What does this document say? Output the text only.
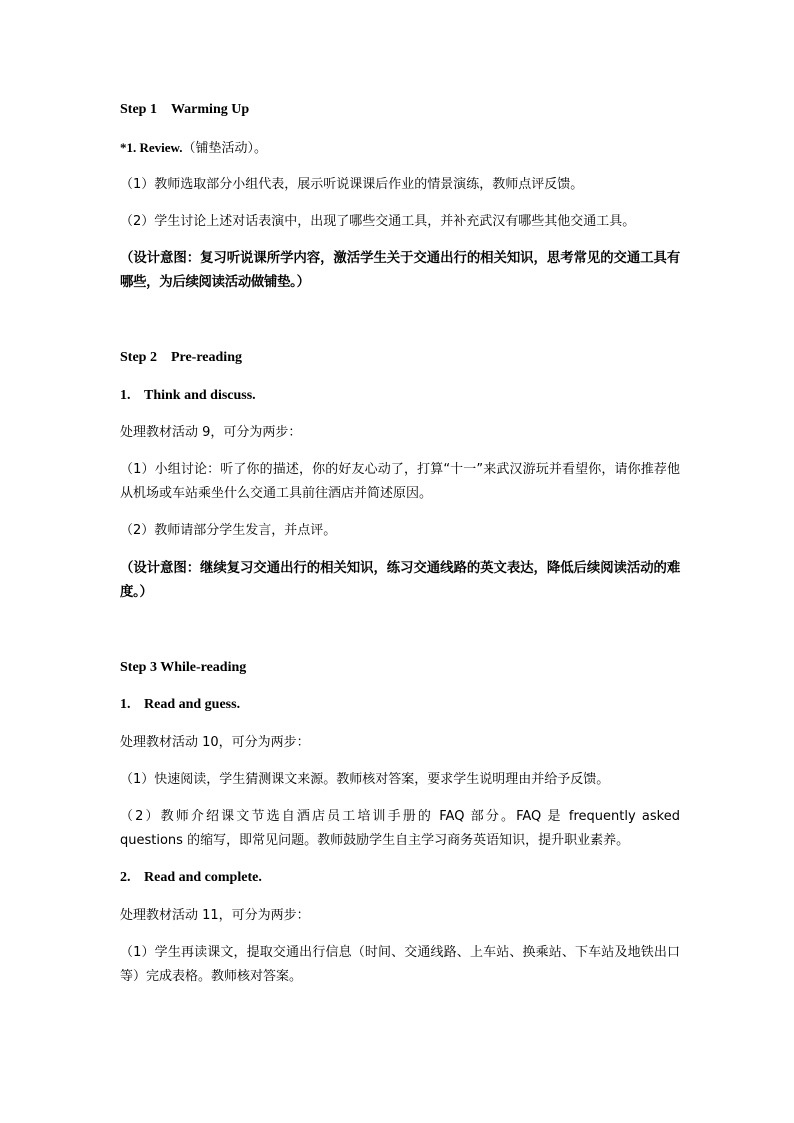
Step 1 Warming Up
*1. Review.（铺垫活动）。
（1）教师选取部分小组代表，展示听说课课后作业的情景演练，教师点评反馈。
（2）学生讨论上述对话表演中，出现了哪些交通工具，并补充武汉有哪些其他交通工具。
（设计意图：复习听说课所学内容，激活学生关于交通出行的相关知识，思考常见的交通工具有哪些，为后续阅读活动做铺垫。）
Step 2 Pre-reading
1. Think and discuss.
处理教材活动 9，可分为两步：
（1）小组讨论：听了你的描述，你的好友心动了，打算“十一”来武汉游玩并看望你，请你推荐他从机场或车站乘坐什么交通工具前往酒店并简述原因。
（2）教师请部分学生发言，并点评。
（设计意图：继续复习交通出行的相关知识，练习交通线路的英文表达，降低后续阅读活动的难度。）
Step 3 While-reading
1. Read and guess.
处理教材活动 10，可分为两步：
（1）快速阅读，学生猜测课文来源。教师核对答案，要求学生说明理由并给予反馈。
（2）教师介绍课文节选自酒店员工培训手册的 FAQ 部分。FAQ 是 frequently asked questions 的缩写，即常见问题。教师鼓励学生自主学习商务英语知识，提升职业素养。
2. Read and complete.
处理教材活动 11，可分为两步：
（1）学生再读课文，提取交通出行信息（时间、交通线路、上车站、换乘站、下车站及地铁出口等）完成表格。教师核对答案。
